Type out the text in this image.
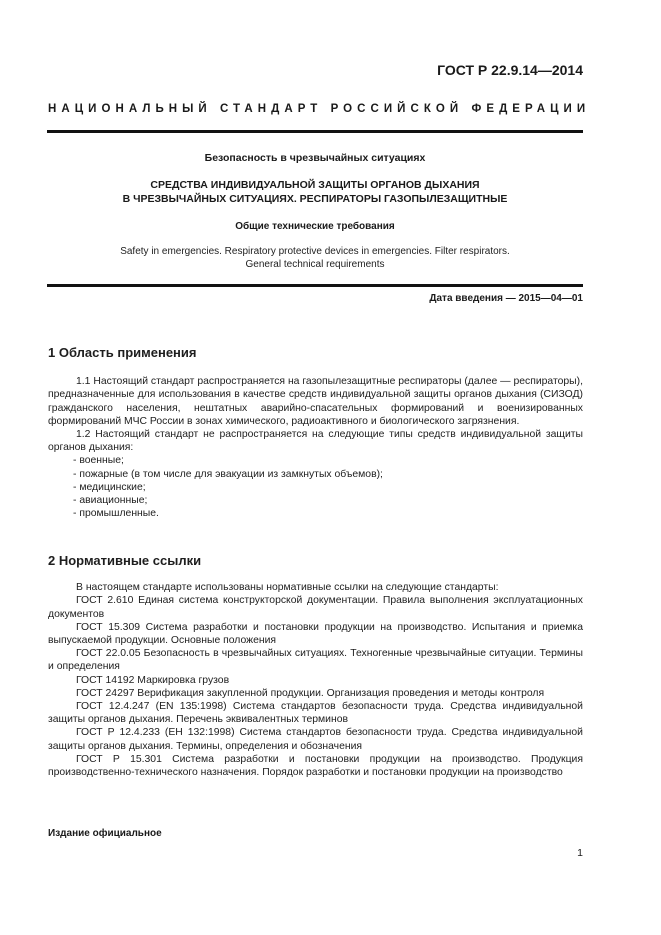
ГОСТ Р 22.9.14—2014
НАЦИОНАЛЬНЫЙ СТАНДАРТ РОССИЙСКОЙ ФЕДЕРАЦИИ
Безопасность в чрезвычайных ситуациях
СРЕДСТВА ИНДИВИДУАЛЬНОЙ ЗАЩИТЫ ОРГАНОВ ДЫХАНИЯ
В ЧРЕЗВЫЧАЙНЫХ СИТУАЦИЯХ. РЕСПИРАТОРЫ ГАЗОПЫЛЕЗАЩИТНЫЕ
Общие технические требования
Safety in emergencies. Respiratory protective devices in emergencies. Filter respirators.
General technical requirements
Дата введения — 2015—04—01
1 Область применения

1.1 Настоящий стандарт распространяется на газопылезащитные респираторы (далее — респираторы), предназначенные для использования в качестве средств индивидуальной защиты органов дыхания (СИЗОД) гражданского населения, нештатных аварийно-спасательных формирований и военизированных формирований МЧС России в зонах химического, радиоактивного и биологического загрязнения.

1.2 Настоящий стандарт не распространяется на следующие типы средств индивидуальной защиты органов дыхания:

- военные;

- пожарные (в том числе для эвакуации из замкнутых объемов);

- медицинские;

- авиационные;

- промышленные.

2 Нормативные ссылки

В настоящем стандарте использованы нормативные ссылки на следующие стандарты:

ГОСТ 2.610 Единая система конструкторской документации. Правила выполнения эксплуатационных документов

ГОСТ 15.309 Система разработки и постановки продукции на производство. Испытания и приемка выпускаемой продукции. Основные положения

ГОСТ 22.0.05 Безопасность в чрезвычайных ситуациях. Техногенные чрезвычайные ситуации. Термины и определения

ГОСТ 14192 Маркировка грузов

ГОСТ 24297 Верификация закупленной продукции. Организация проведения и методы контроля

ГОСТ 12.4.247 (EN 135:1998) Система стандартов безопасности труда. Средства индивидуальной защиты органов дыхания. Перечень эквивалентных терминов

ГОСТ Р 12.4.233 (ЕН 132:1998) Система стандартов безопасности труда. Средства индивидуальной защиты органов дыхания. Термины, определения и обозначения

ГОСТ Р 15.301 Система разработки и постановки продукции на производство. Продукция производственно-технического назначения. Порядок разработки и постановки продукции на производство

Издание официальное
1
